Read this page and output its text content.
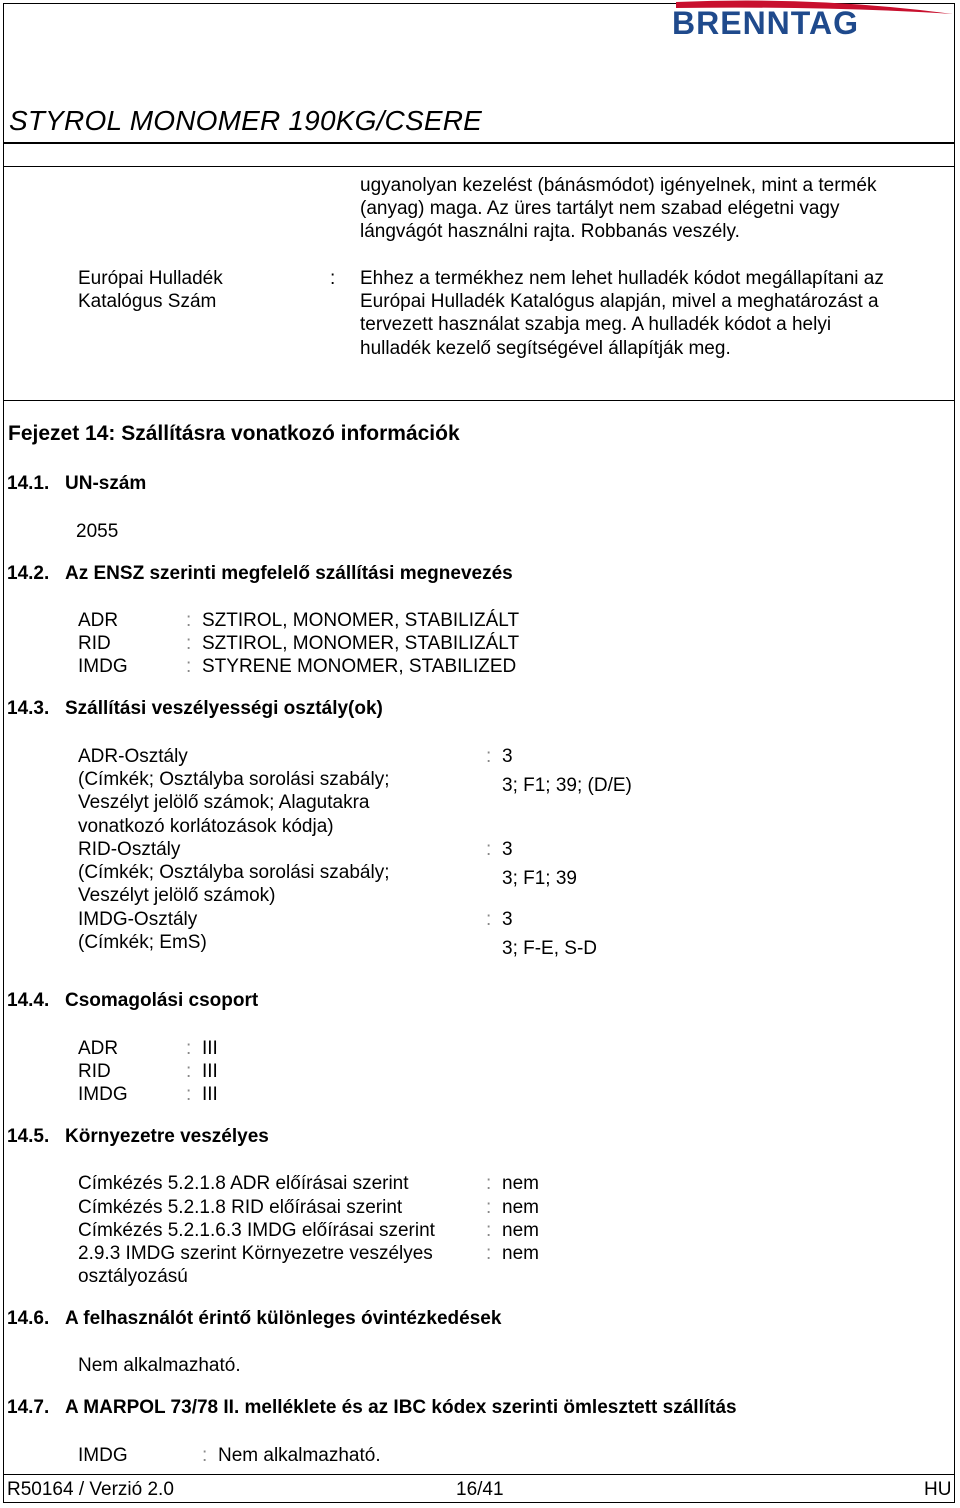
BRENNTAG
STYROL MONOMER 190KG/CSERE
ugyanolyan kezelést (bánásmódot) igényelnek, mint a termék
(anyag) maga. Az üres tartályt nem szabad elégetni vagy
lángvágót használni rajta. Robbanás veszély.
Európai Hulladék
Katalógus Szám
: Ehhez a termékhez nem lehet hulladék kódot megállapítani az
Európai Hulladék Katalógus alapján, mivel a meghatározást a
tervezett használat szabja meg. A hulladék kódot a helyi
hulladék kezelő segítségével állapítják meg.
Fejezet 14: Szállításra vonatkozó információk
14.1. UN-szám
2055
14.2. Az ENSZ szerinti megfelelő szállítási megnevezés
ADR	: SZTIROL, MONOMER, STABILIZÁLT
RID	: SZTIROL, MONOMER, STABILIZÁLT
IMDG	: STYRENE MONOMER, STABILIZED
14.3. Szállítási veszélyességi osztály(ok)
ADR-Osztály	: 3
(Címkék; Osztályba sorolási szabály;
Veszélyt jelölő számok; Alagutakra
vonatkozó korlátozások kódja)
3; F1; 39; (D/E)
RID-Osztály	: 3
(Címkék; Osztályba sorolási szabály;
Veszélyt jelölő számok)
3; F1; 39
IMDG-Osztály	: 3
(Címkék; EmS)	3; F-E, S-D
14.4. Csomagolási csoport
ADR	: III
RID	: III
IMDG	: III
14.5. Környezetre veszélyes
Címkézés 5.2.1.8 ADR előírásai szerint	: nem
Címkézés 5.2.1.8 RID előírásai szerint	: nem
Címkézés 5.2.1.6.3 IMDG előírásai szerint	: nem
2.9.3 IMDG szerint Környezetre veszélyes	: nem
osztályozású
14.6. A felhasználót érintő különleges óvintézkedések
Nem alkalmazható.
14.7. A MARPOL 73/78 II. melléklete és az IBC kódex szerinti ömlesztett szállítás
IMDG	: Nem alkalmazható.
R50164 / Verzió 2.0	16/41	HU
